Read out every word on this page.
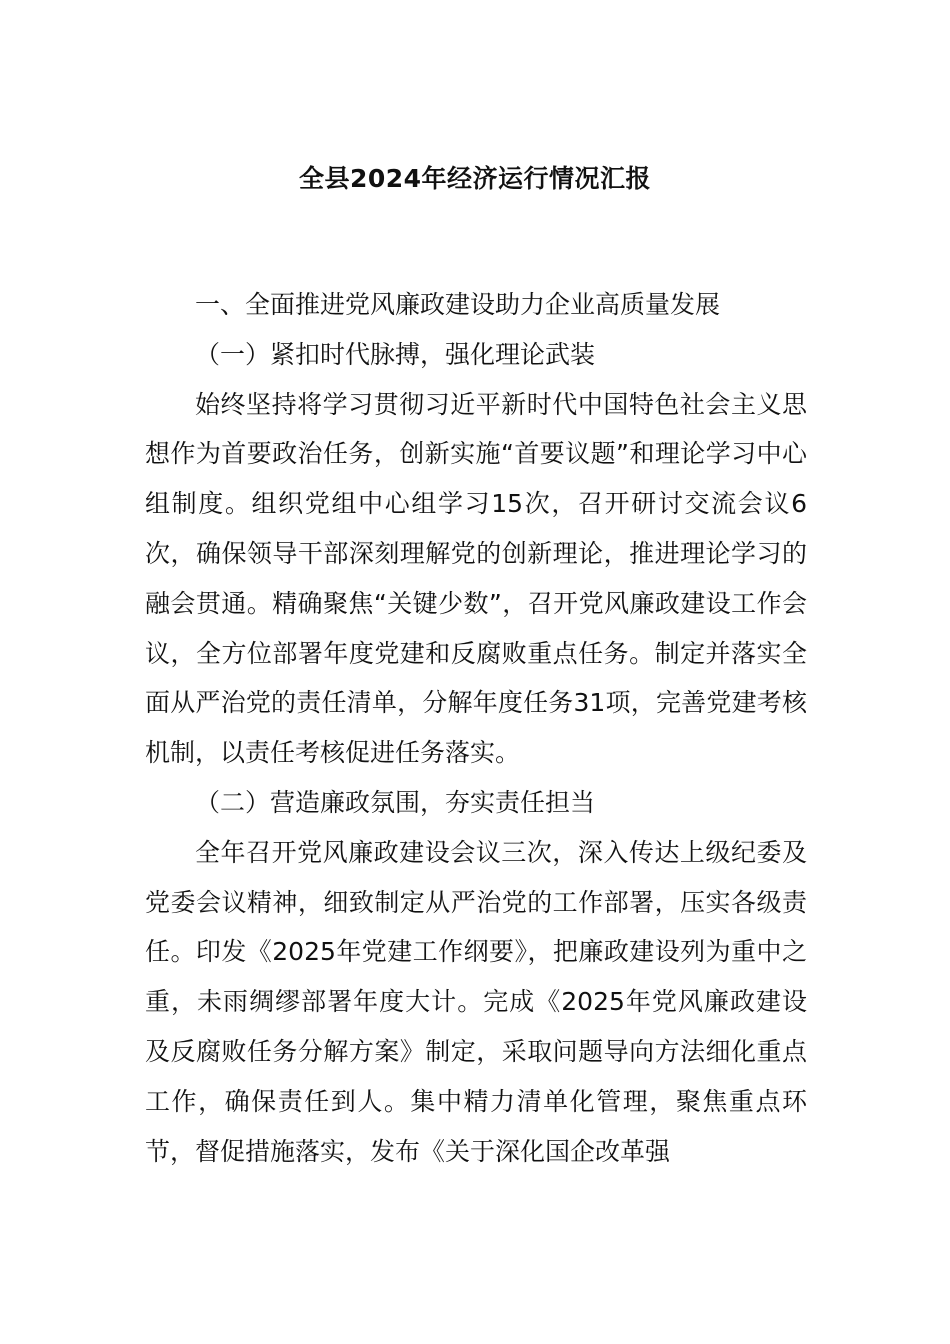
全县2024年经济运行情况汇报

一、全面推进党风廉政建设助力企业高质量发展

（一）紧扣时代脉搏，强化理论武装

始终坚持将学习贯彻习近平新时代中国特色社会主义思想作为首要政治任务，创新实施“首要议题”和理论学习中心组制度。组织党组中心组学习15次，召开研讨交流会议6次，确保领导干部深刻理解党的创新理论，推进理论学习的融会贯通。精确聚焦“关键少数”，召开党风廉政建设工作会议，全方位部署年度党建和反腐败重点任务。制定并落实全面从严治党的责任清单，分解年度任务31项，完善党建考核机制，以责任考核促进任务落实。

（二）营造廉政氛围，夯实责任担当

全年召开党风廉政建设会议三次，深入传达上级纪委及党委会议精神，细致制定从严治党的工作部署，压实各级责任。印发《2025年党建工作纲要》，把廉政建设列为重中之重，未雨绸缪部署年度大计。完成《2025年党风廉政建设及反腐败任务分解方案》制定，采取问题导向方法细化重点工作，确保责任到人。集中精力清单化管理，聚焦重点环节，督促措施落实，发布《关于深化国企改革强
